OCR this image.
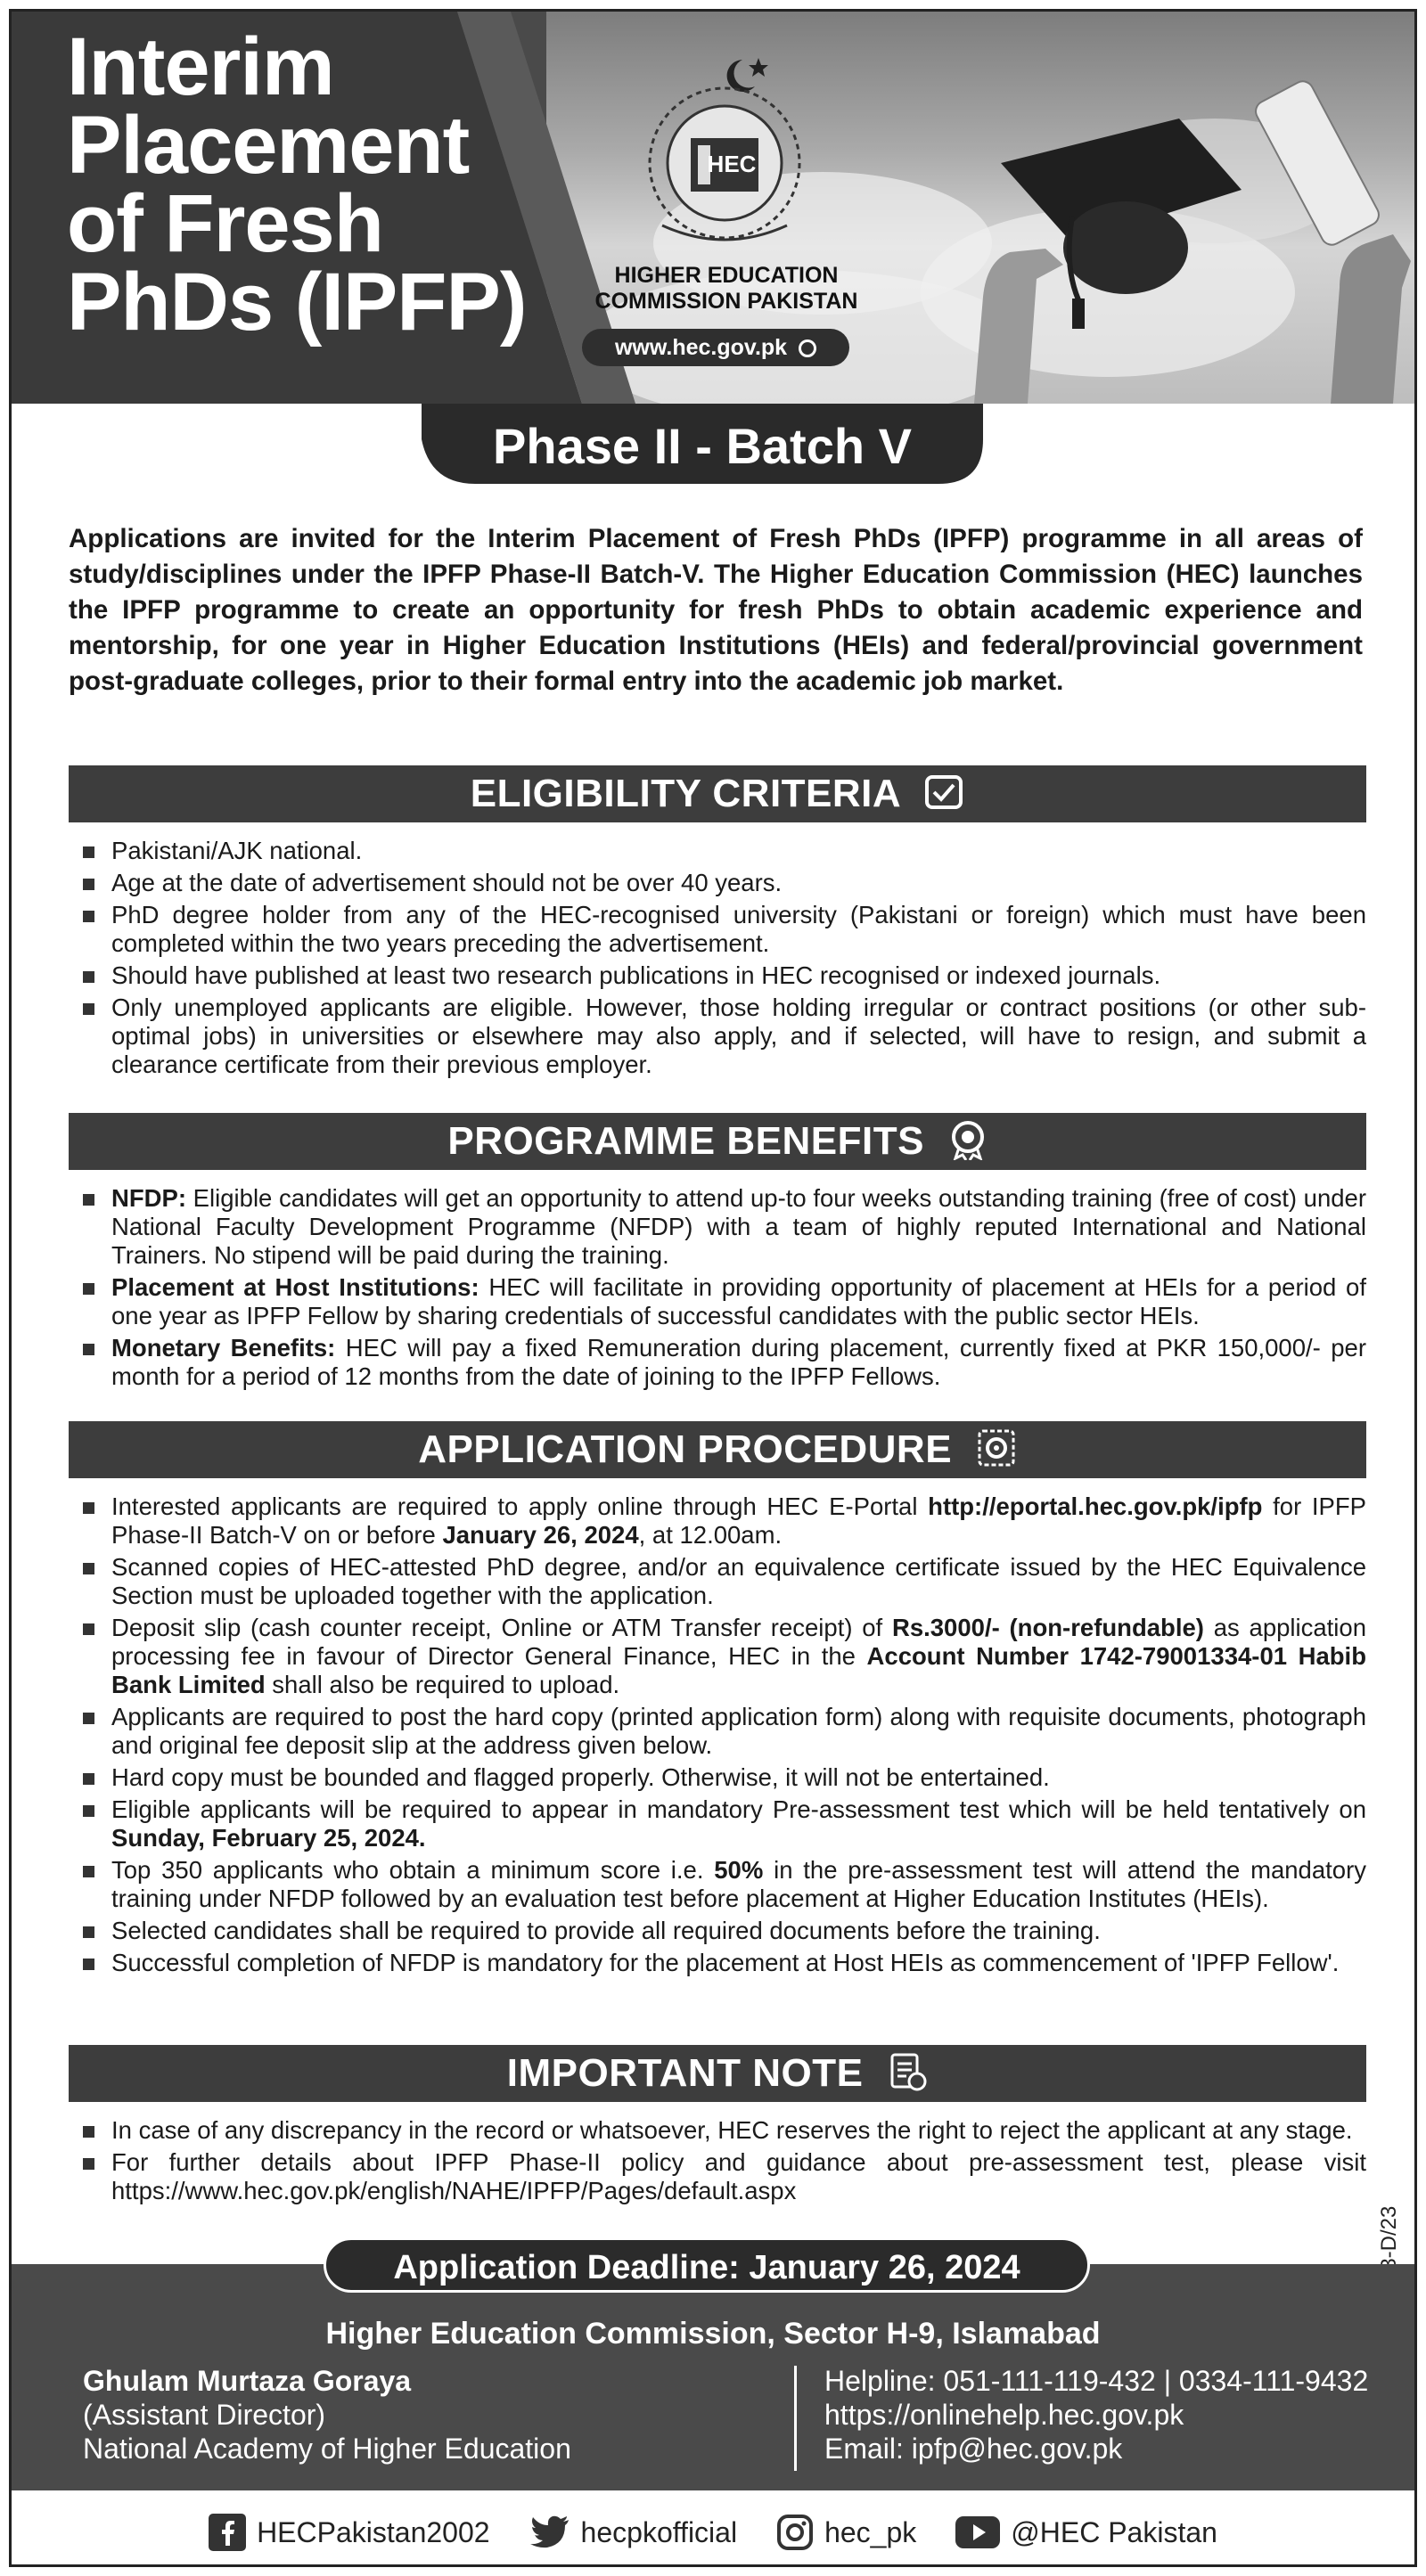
Interim
Placement
of Fresh
PhDs (IPFP)
HEC
HIGHER EDUCATION
COMMISSION PAKISTAN
www.hec.gov.pk
Phase II - Batch V

Applications are invited for the Interim Placement of Fresh PhDs (IPFP) programme in all areas of study/disciplines under the IPFP Phase-II Batch-V. The Higher Education Commission (HEC) launches the IPFP programme to create an opportunity for fresh PhDs to obtain academic experience and mentorship, for one year in Higher Education Institutions (HEIs) and federal/provincial government post-graduate colleges, prior to their formal entry into the academic job market.

ELIGIBILITY CRITERIA
Pakistani/AJK national.
Age at the date of advertisement should not be over 40 years.
PhD degree holder from any of the HEC-recognised university (Pakistani or foreign) which must have been completed within the two years preceding the advertisement.
Should have published at least two research publications in HEC recognised or indexed journals.
Only unemployed applicants are eligible. However, those holding irregular or contract positions (or other sub-optimal jobs) in universities or elsewhere may also apply, and if selected, will have to resign, and submit a clearance certificate from their previous employer.
PROGRAMME BENEFITS
NFDP: Eligible candidates will get an opportunity to attend up-to four weeks outstanding training (free of cost) under National Faculty Development Programme (NFDP) with a team of highly reputed International and National Trainers. No stipend will be paid during the training.
Placement at Host Institutions: HEC will facilitate in providing opportunity of placement at HEIs for a period of one year as IPFP Fellow by sharing credentials of successful candidates with the public sector HEIs.
Monetary Benefits: HEC will pay a fixed Remuneration during placement, currently fixed at PKR 150,000/- per month for a period of 12 months from the date of joining to the IPFP Fellows.
APPLICATION PROCEDURE
Interested applicants are required to apply online through HEC E-Portal http://eportal.hec.gov.pk/ipfp for IPFP Phase-II Batch-V on or before January 26, 2024, at 12.00am.
Scanned copies of HEC-attested PhD degree, and/or an equivalence certificate issued by the HEC Equivalence Section must be uploaded together with the application.
Deposit slip (cash counter receipt, Online or ATM Transfer receipt) of Rs.3000/- (non-refundable) as application processing fee in favour of Director General Finance, HEC in the Account Number 1742-79001334-01 Habib Bank Limited shall also be required to upload.
Applicants are required to post the hard copy (printed application form) along with requisite documents, photograph and original fee deposit slip at the address given below.
Hard copy must be bounded and flagged properly. Otherwise, it will not be entertained.
Eligible applicants will be required to appear in mandatory Pre-assessment test which will be held tentatively on Sunday, February 25, 2024.
Top 350 applicants who obtain a minimum score i.e. 50% in the pre-assessment test will attend the mandatory training under NFDP followed by an evaluation test before placement at Higher Education Institutes (HEIs).
Selected candidates shall be required to provide all required documents before the training.
Successful completion of NFDP is mandatory for the placement at Host HEIs as commencement of 'IPFP Fellow'.
IMPORTANT NOTE
In case of any discrepancy in the record or whatsoever, HEC reserves the right to reject the applicant at any stage.
For further details about IPFP Phase-II policy and guidance about pre-assessment test, please visit https://www.hec.gov.pk/english/NAHE/IPFP/Pages/default.aspx
Higher Education Commission, Sector H-9, Islamabad
Ghulam Murtaza Goraya
(Assistant Director)
National Academy of Higher Education
Helpline: 051-111-119-432 | 0334-111-9432
https://onlinehelp.hec.gov.pk
Email: ipfp@hec.gov.pk
Application Deadline: January 26, 2024
HECPakistan2002	hecpkofficial	hec_pk	@HEC Pakistan
